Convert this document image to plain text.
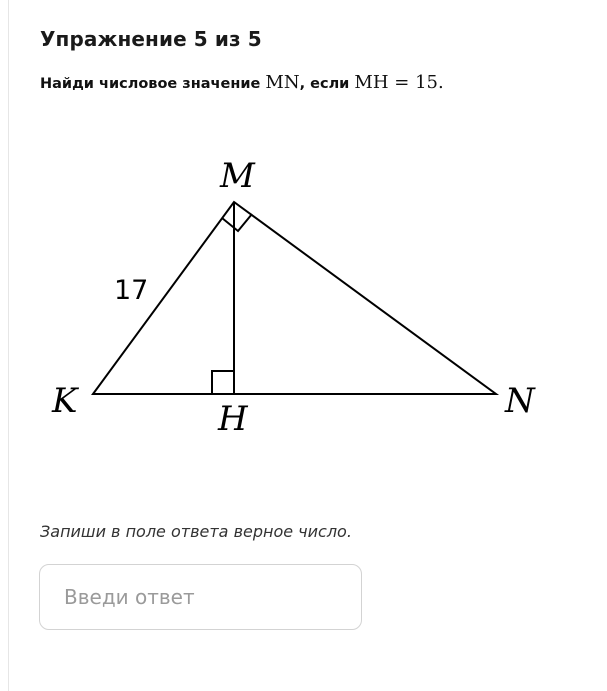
Упражнение 5 из 5
Найди числовое значение MN, если MH = 15.
M
K	H	N
17
Запиши в поле ответа верное число.
Введи ответ
